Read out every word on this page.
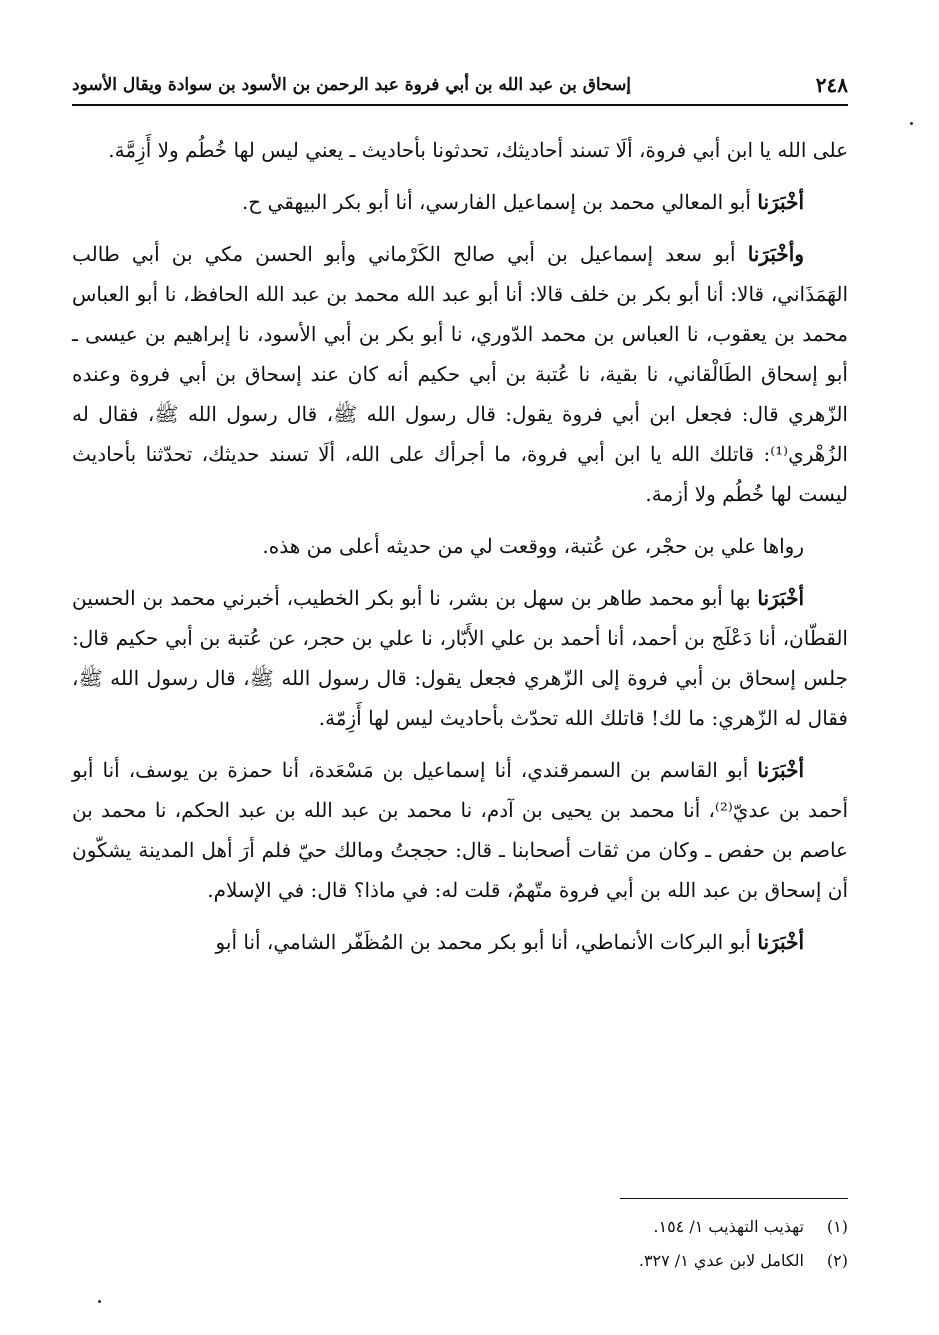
٢٤٨
إسحاق بن عبد الله بن أبي فروة عبد الرحمن بن الأسود بن سوادة ويقال الأسود

على الله يا ابن أبي فروة، ألَا تسند أحاديثك، تحدثونا بأحاديث ـ يعني ليس لها خُطُم ولا أَزِمَّة.

أخْبَرَنا أبو المعالي محمد بن إسماعيل الفارسي، أنا أبو بكر البيهقي ح.

وأخْبَرَنا أبو سعد إسماعيل بن أبي صالح الكَرْماني وأبو الحسن مكي بن أبي طالب الهَمَذَاني، قالا: أنا أبو بكر بن خلف قالا: أنا أبو عبد الله محمد بن عبد الله الحافظ، نا أبو العباس محمد بن يعقوب، نا العباس بن محمد الدّوري، نا أبو بكر بن أبي الأسود، نا إبراهيم بن عيسى ـ أبو إسحاق الطَالْقاني، نا بقية، نا عُتبة بن أبي حكيم أنه كان عند إسحاق بن أبي فروة وعنده الزّهري قال: فجعل ابن أبي فروة يقول: قال رسول الله ﷺ، قال رسول الله ﷺ، فقال له الزُهْري⁽¹⁾: قاتلك الله يا ابن أبي فروة، ما أجرأك على الله، ألَا تسند حديثك، تحدّثنا بأحاديث ليست لها خُطُم ولا أزمة.

رواها علي بن حجْر، عن عُتبة، ووقعت لي من حديثه أعلى من هذه.

أخْبَرَنا بها أبو محمد طاهر بن سهل بن بشر، نا أبو بكر الخطيب، أخبرني محمد بن الحسين القطّان، أنا دَعْلَج بن أحمد، أنا أحمد بن علي الأَبّار، نا علي بن حجر، عن عُتبة بن أبي حكيم قال: جلس إسحاق بن أبي فروة إلى الزّهري فجعل يقول: قال رسول الله ﷺ، قال رسول الله ﷺ، فقال له الزّهري: ما لك! قاتلك الله تحدّث بأحاديث ليس لها أَزِمّة.

أخْبَرَنا أبو القاسم بن السمرقندي، أنا إسماعيل بن مَسْعَدة، أنا حمزة بن يوسف، أنا أبو أحمد بن عديّ⁽²⁾، أنا محمد بن يحيى بن آدم، نا محمد بن عبد الله بن عبد الحكم، نا محمد بن عاصم بن حفص ـ وكان من ثقات أصحابنا ـ قال: حججتُ ومالك حيّ فلم أرَ أهل المدينة يشكّون أن إسحاق بن عبد الله بن أبي فروة متّهمٌ، قلت له: في ماذا؟ قال: في الإسلام.

أخْبَرَنا أبو البركات الأنماطي، أنا أبو بكر محمد بن المُظَفّر الشامي، أنا أبو

(١)تهذيب التهذيب ١/ ١٥٤.
(٢)الكامل لابن عدي ١/ ٣٢٧.
